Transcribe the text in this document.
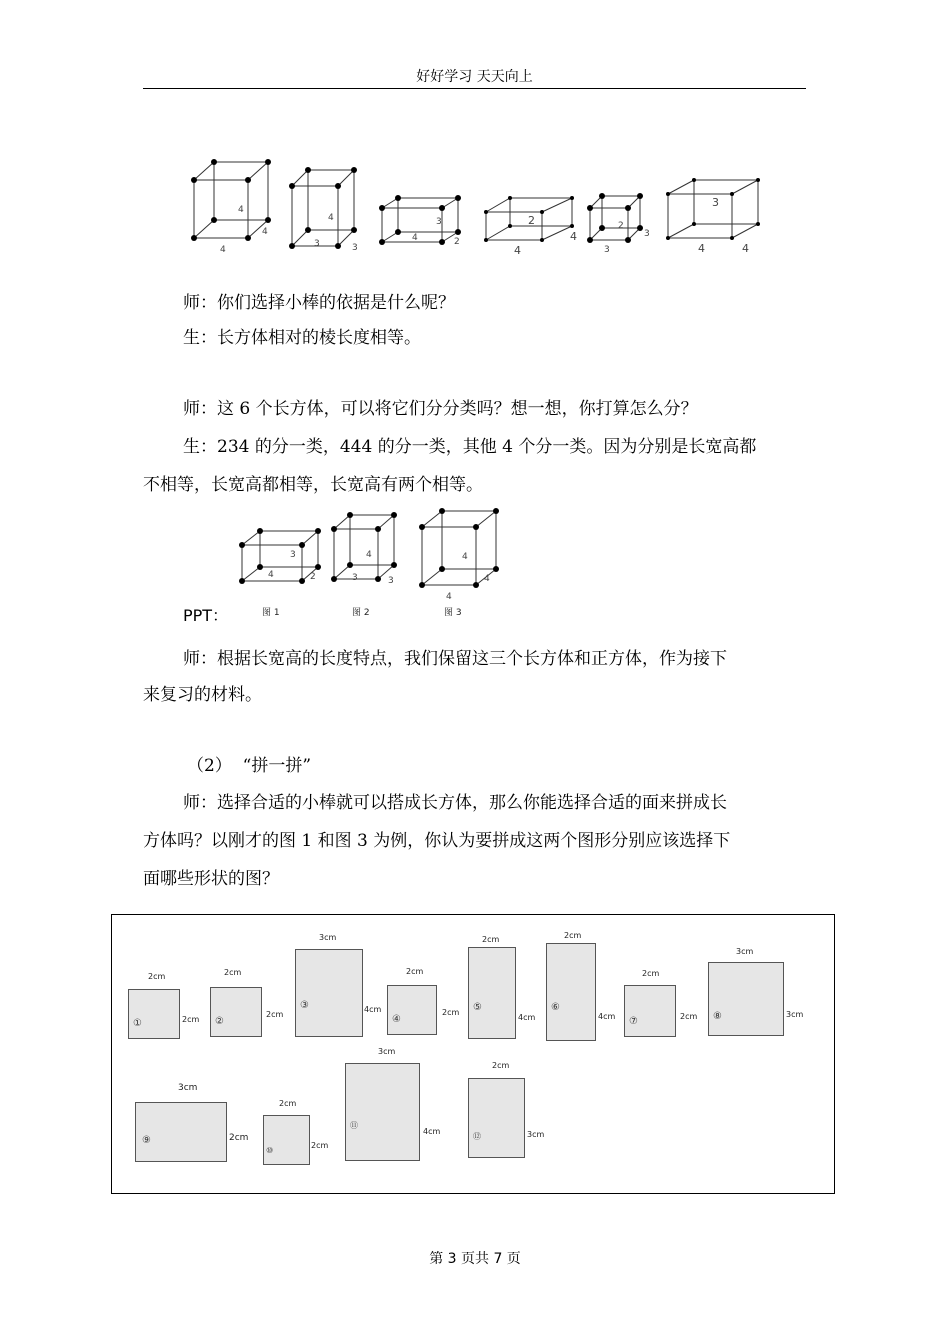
好好学习 天天向上
4
4
4
4
3	3
3
4	2
2
4
4
2
3
3
3
4	4
师：你们选择小棒的依据是什么呢？
生：长方体相对的棱长度相等。
师：这 6 个长方体，可以将它们分分类吗？想一想，你打算怎么分？
生：234 的分一类，444 的分一类，其他 4 个分一类。因为分别是长宽高都
不相等，长宽高都相等，长宽高有两个相等。
3
4	2
4
3	3
4
4
4
图 1	图 2	图 3
PPT：
师：根据长宽高的长度特点，我们保留这三个长方体和正方体，作为接下
来复习的材料。
（2）  “拼一拼”
师：选择合适的小棒就可以搭成长方体，那么你能选择合适的面来拼成长
方体吗？以刚才的图 1 和图 3 为例，你认为要拼成这两个图形分别应该选择下
面哪些形状的图？
2cm
①	2cm
2cm
②
2cm
3cm
③	4cm
2cm
④
2cm
2cm
⑤
4cm
2cm
⑥
4cm
2cm
⑦	2cm
3cm
⑧	3cm
3cm
⑨	2cm
2cm
⑩
2cm
3cm
⑪
4cm
2cm
⑫	3cm
第 3 页共 7 页
